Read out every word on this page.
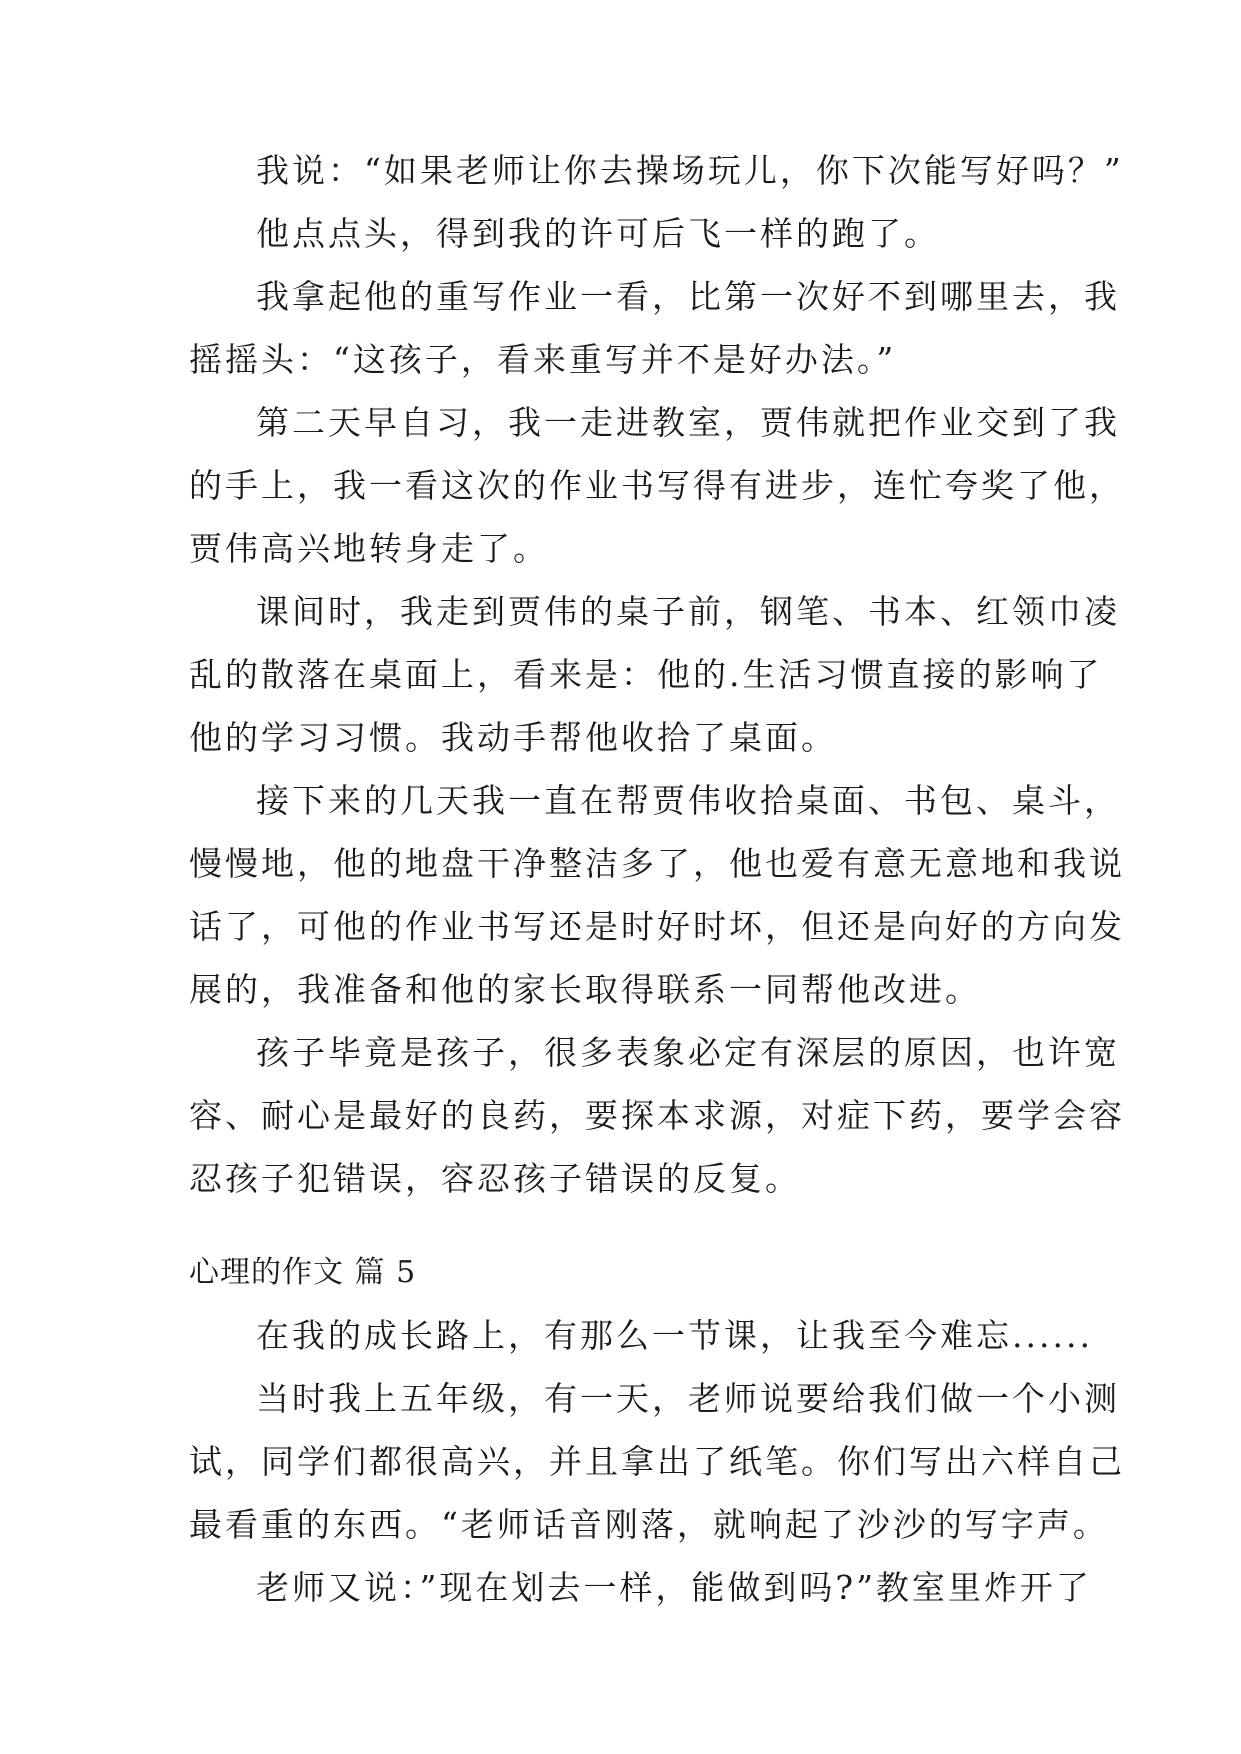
我说：“如果老师让你去操场玩儿，你下次能写好吗？”
他点点头，得到我的许可后飞一样的跑了。
我拿起他的重写作业一看，比第一次好不到哪里去，我
摇摇头：“这孩子，看来重写并不是好办法。”
第二天早自习，我一走进教室，贾伟就把作业交到了我
的手上，我一看这次的作业书写得有进步，连忙夸奖了他，
贾伟高兴地转身走了。
课间时，我走到贾伟的桌子前，钢笔、书本、红领巾凌
乱的散落在桌面上，看来是：他的.生活习惯直接的影响了
他的学习习惯。我动手帮他收拾了桌面。
接下来的几天我一直在帮贾伟收拾桌面、书包、桌斗，
慢慢地，他的地盘干净整洁多了，他也爱有意无意地和我说
话了，可他的作业书写还是时好时坏，但还是向好的方向发
展的，我准备和他的家长取得联系一同帮他改进。
孩子毕竟是孩子，很多表象必定有深层的原因，也许宽
容、耐心是最好的良药，要探本求源，对症下药，要学会容
忍孩子犯错误，容忍孩子错误的反复。
心理的作文 篇 5
在我的成长路上，有那么一节课，让我至今难忘......
当时我上五年级，有一天，老师说要给我们做一个小测
试，同学们都很高兴，并且拿出了纸笔。你们写出六样自己
最看重的东西。“老师话音刚落，就响起了沙沙的写字声。
老师又说：”现在划去一样，能做到吗?”教室里炸开了
